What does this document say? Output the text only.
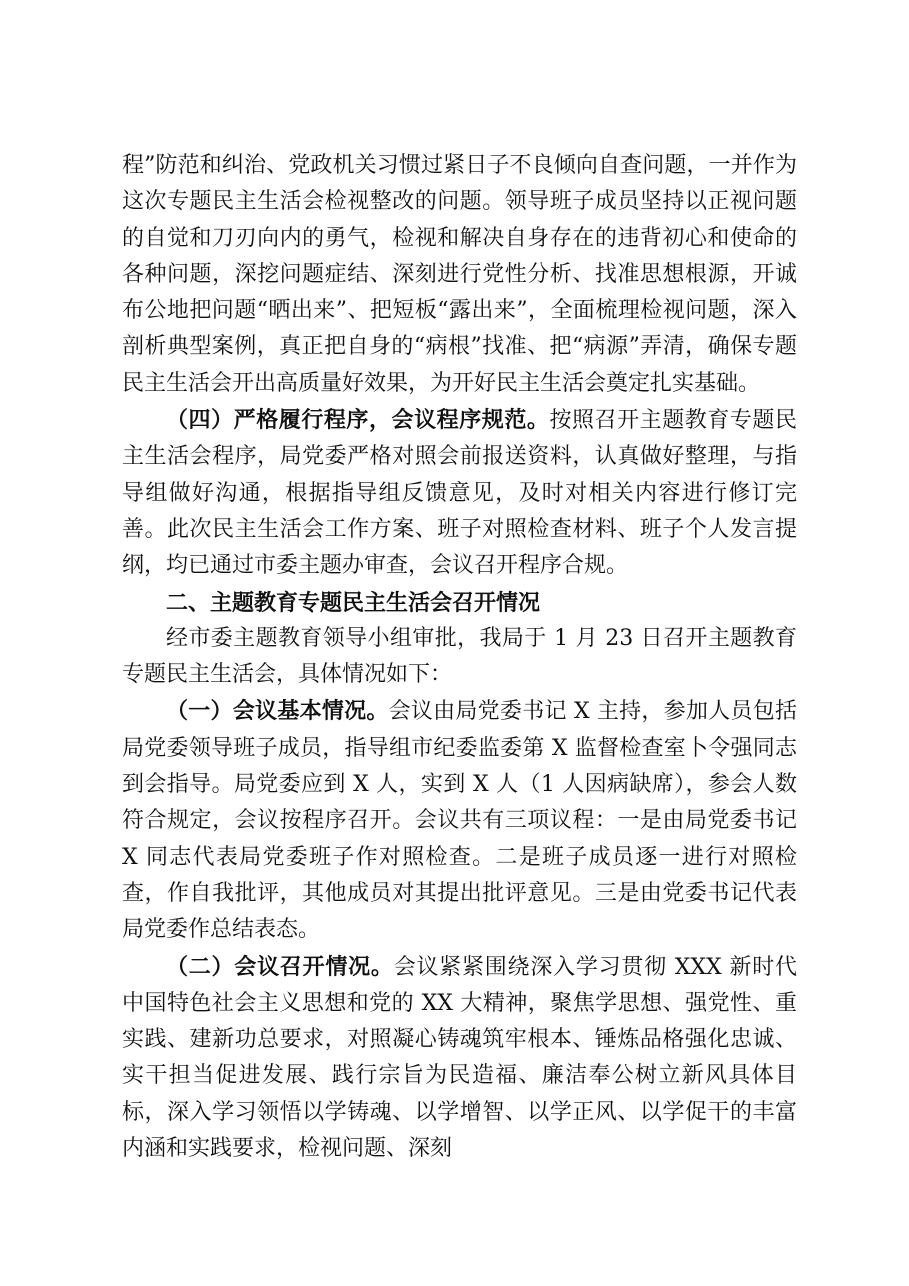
程”防范和纠治、党政机关习惯过紧日子不良倾向自查问题，一并作为这次专题民主生活会检视整改的问题。领导班子成员坚持以正视问题的自觉和刀刃向内的勇气，检视和解决自身存在的违背初心和使命的各种问题，深挖问题症结、深刻进行党性分析、找准思想根源，开诚布公地把问题“晒出来”、把短板“露出来”，全面梳理检视问题，深入剖析典型案例，真正把自身的“病根”找准、把“病源”弄清，确保专题民主生活会开出高质量好效果，为开好民主生活会奠定扎实基础。

（四）严格履行程序，会议程序规范。按照召开主题教育专题民主生活会程序，局党委严格对照会前报送资料，认真做好整理，与指导组做好沟通，根据指导组反馈意见，及时对相关内容进行修订完善。此次民主生活会工作方案、班子对照检查材料、班子个人发言提纲，均已通过市委主题办审查，会议召开程序合规。

二、主题教育专题民主生活会召开情况

经市委主题教育领导小组审批，我局于 1 月 23 日召开主题教育专题民主生活会，具体情况如下：

（一）会议基本情况。会议由局党委书记 X 主持，参加人员包括局党委领导班子成员，指导组市纪委监委第 X 监督检查室卜令强同志到会指导。局党委应到 X 人，实到 X 人（1 人因病缺席），参会人数符合规定，会议按程序召开。会议共有三项议程：一是由局党委书记 X 同志代表局党委班子作对照检查。二是班子成员逐一进行对照检查，作自我批评，其他成员对其提出批评意见。三是由党委书记代表局党委作总结表态。

（二）会议召开情况。会议紧紧围绕深入学习贯彻 XXX 新时代中国特色社会主义思想和党的 XX 大精神，聚焦学思想、强党性、重实践、建新功总要求，对照凝心铸魂筑牢根本、锤炼品格强化忠诚、实干担当促进发展、践行宗旨为民造福、廉洁奉公树立新风具体目标，深入学习领悟以学铸魂、以学增智、以学正风、以学促干的丰富内涵和实践要求，检视问题、深刻
